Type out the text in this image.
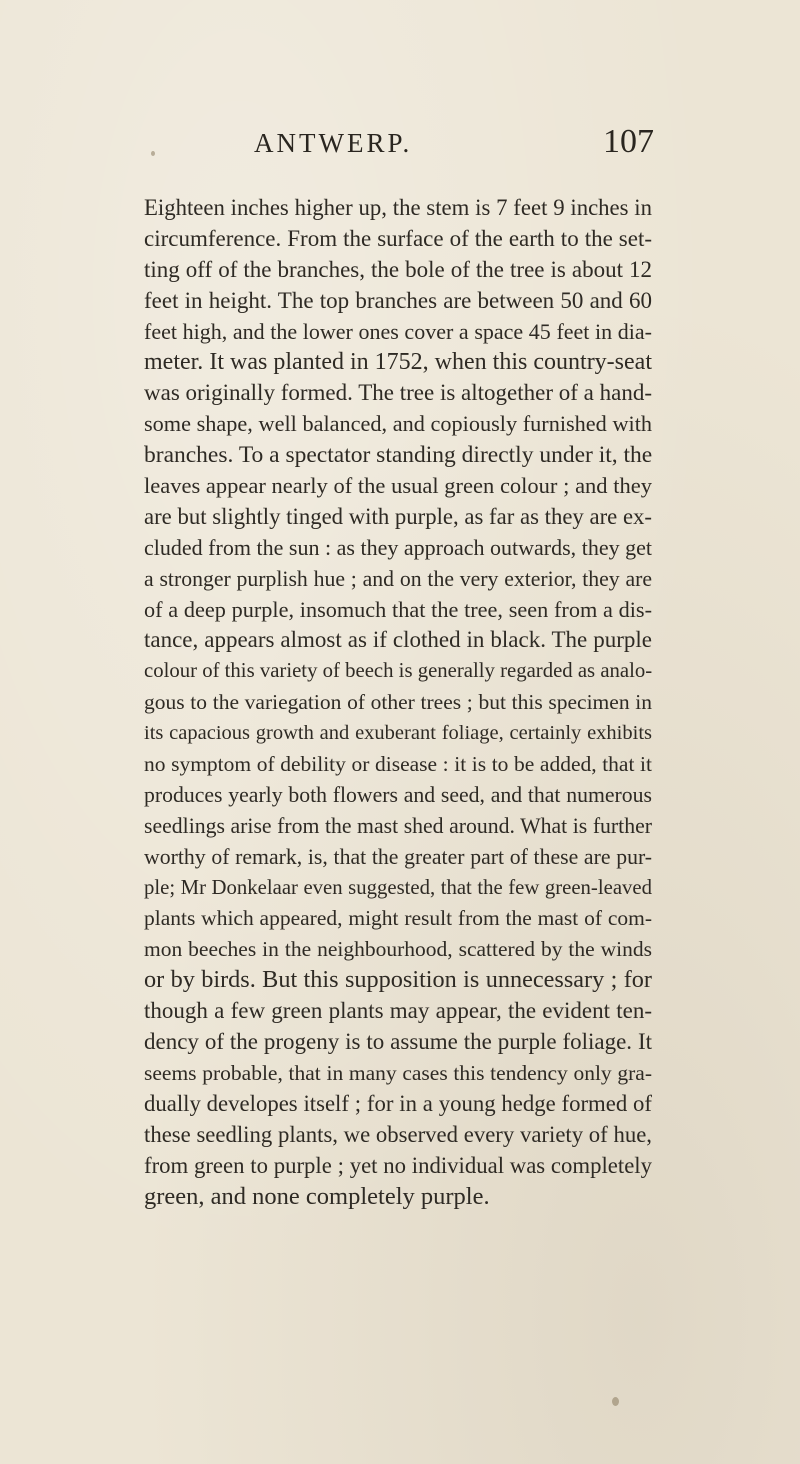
ANTWERP.	107
Eighteen inches higher up, the stem is 7 feet 9 inches in
circumference. From the surface of the earth to the set-
ting off of the branches, the bole of the tree is about 12
feet in height. The top branches are between 50 and 60
feet high, and the lower ones cover a space 45 feet in dia-
meter. It was planted in 1752, when this country-seat
was originally formed. The tree is altogether of a hand-
some shape, well balanced, and copiously furnished with
branches. To a spectator standing directly under it, the
leaves appear nearly of the usual green colour ; and they
are but slightly tinged with purple, as far as they are ex-
cluded from the sun : as they approach outwards, they get
a stronger purplish hue ; and on the very exterior, they are
of a deep purple, insomuch that the tree, seen from a dis-
tance, appears almost as if clothed in black. The purple
colour of this variety of beech is generally regarded as analo-
gous to the variegation of other trees ; but this specimen in
its capacious growth and exuberant foliage, certainly exhibits
no symptom of debility or disease : it is to be added, that it
produces yearly both flowers and seed, and that numerous
seedlings arise from the mast shed around. What is further
worthy of remark, is, that the greater part of these are pur-
ple; Mr Donkelaar even suggested, that the few green-leaved
plants which appeared, might result from the mast of com-
mon beeches in the neighbourhood, scattered by the winds
or by birds. But this supposition is unnecessary ; for
though a few green plants may appear, the evident ten-
dency of the progeny is to assume the purple foliage. It
seems probable, that in many cases this tendency only gra-
dually developes itself ; for in a young hedge formed of
these seedling plants, we observed every variety of hue,
from green to purple ; yet no individual was completely
green, and none completely purple.
